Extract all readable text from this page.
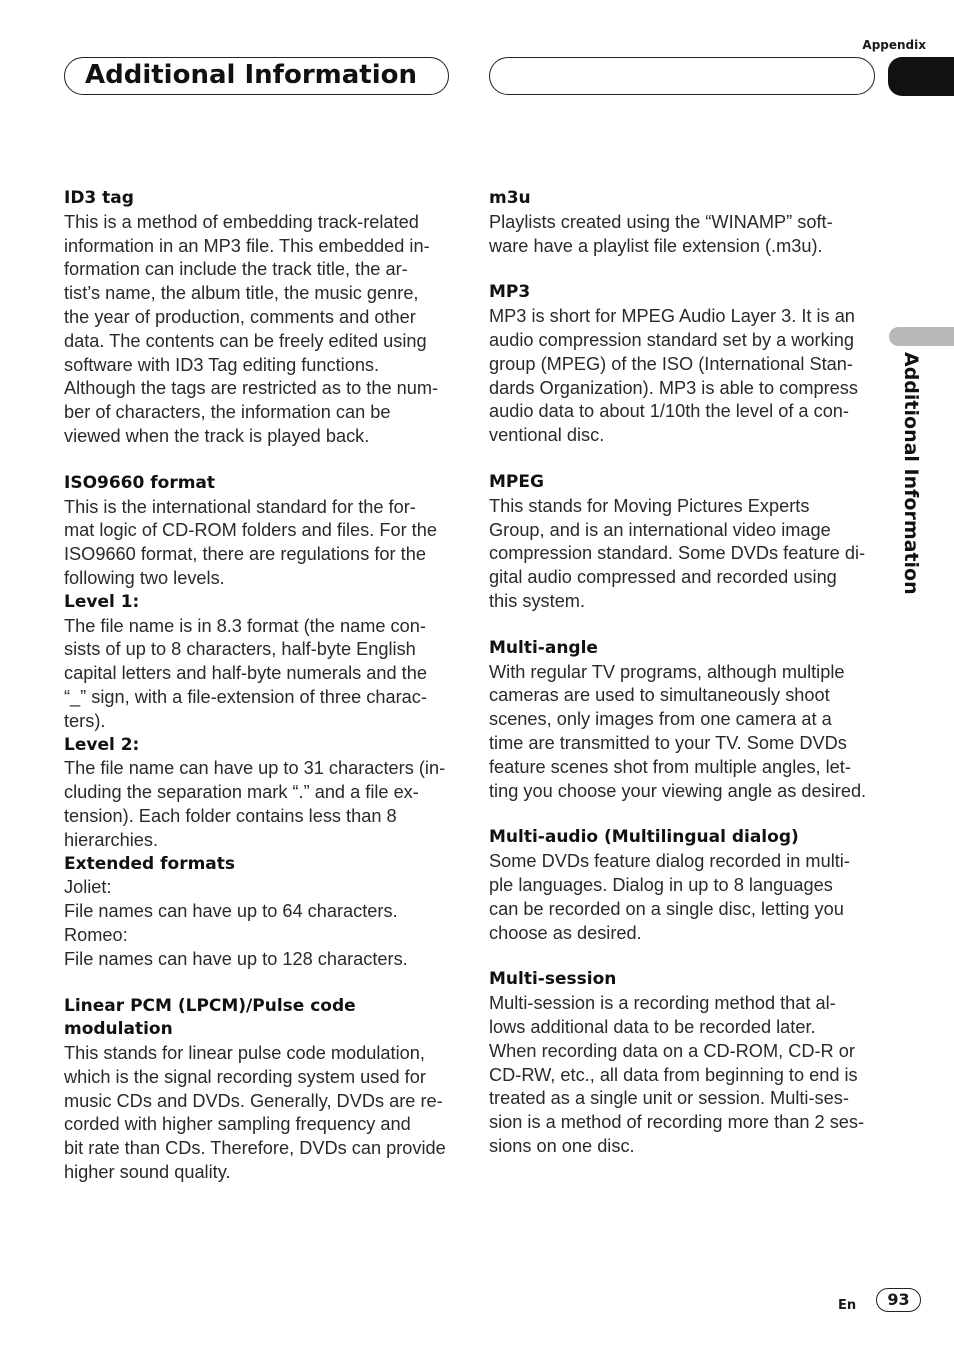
Appendix
Additional Information
Additional Information
ID3 tag
This is a method of embedding track-related
information in an MP3 file. This embedded in-
formation can include the track title, the ar-
tist’s name, the album title, the music genre,
the year of production, comments and other
data. The contents can be freely edited using
software with ID3 Tag editing functions.
Although the tags are restricted as to the num-
ber of characters, the information can be
viewed when the track is played back.
ISO9660 format
This is the international standard for the for-
mat logic of CD-ROM folders and files. For the
ISO9660 format, there are regulations for the
following two levels.
Level 1:
The file name is in 8.3 format (the name con-
sists of up to 8 characters, half-byte English
capital letters and half-byte numerals and the
“_” sign, with a file-extension of three charac-
ters).
Level 2:
The file name can have up to 31 characters (in-
cluding the separation mark “.” and a file ex-
tension). Each folder contains less than 8
hierarchies.
Extended formats
Joliet:
File names can have up to 64 characters.
Romeo:
File names can have up to 128 characters.
Linear PCM (LPCM)/Pulse code
modulation
This stands for linear pulse code modulation,
which is the signal recording system used for
music CDs and DVDs. Generally, DVDs are re-
corded with higher sampling frequency and
bit rate than CDs. Therefore, DVDs can provide
higher sound quality.
m3u
Playlists created using the “WINAMP” soft-
ware have a playlist file extension (.m3u).
MP3
MP3 is short for MPEG Audio Layer 3. It is an
audio compression standard set by a working
group (MPEG) of the ISO (International Stan-
dards Organization). MP3 is able to compress
audio data to about 1/10th the level of a con-
ventional disc.
MPEG
This stands for Moving Pictures Experts
Group, and is an international video image
compression standard. Some DVDs feature di-
gital audio compressed and recorded using
this system.
Multi-angle
With regular TV programs, although multiple
cameras are used to simultaneously shoot
scenes, only images from one camera at a
time are transmitted to your TV. Some DVDs
feature scenes shot from multiple angles, let-
ting you choose your viewing angle as desired.
Multi-audio (Multilingual dialog)
Some DVDs feature dialog recorded in multi-
ple languages. Dialog in up to 8 languages
can be recorded on a single disc, letting you
choose as desired.
Multi-session
Multi-session is a recording method that al-
lows additional data to be recorded later.
When recording data on a CD-ROM, CD-R or
CD-RW, etc., all data from beginning to end is
treated as a single unit or session. Multi-ses-
sion is a method of recording more than 2 ses-
sions on one disc.
En	93
